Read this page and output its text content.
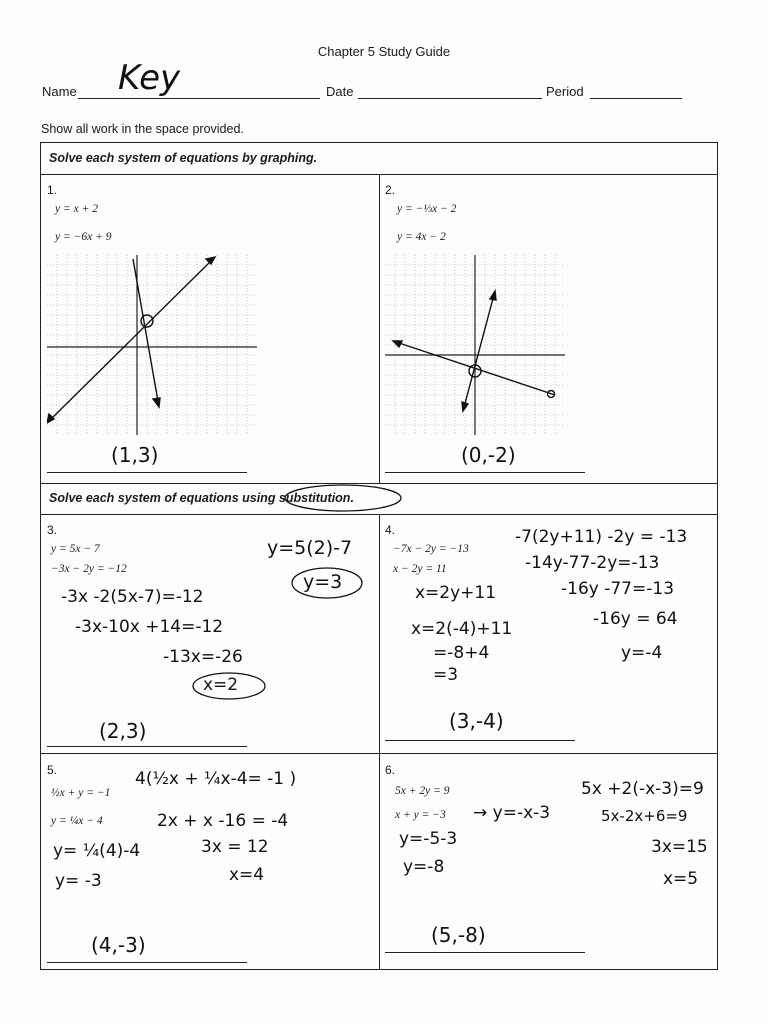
Chapter 5 Study Guide
Name Key	Date	Period
Show all work in the space provided.
Solve each system of equations by graphing.
Solve each system of equations using substitution.
1.
y = x + 2
y = −6x + 9
(1,3)
2.
y = −⅓x − 2
y = 4x − 2
(0,-2)
3.
y = 5x − 7
−3x − 2y = −12
y=5(2)-7
y=3
-3x -2(5x-7)=-12
-3x-10x +14=-12
-13x=-26
x=2
(2,3)
4.
−7x − 2y = −13
x − 2y = 11
-7(2y+11) -2y = -13
-14y-77-2y=-13
-16y -77=-13
-16y = 64
y=-4
x=2y+11
x=2(-4)+11
=-8+4
=3
(3,-4)
5.
½x + y = −1
y = ¼x − 4
4(½x + ¼x-4= -1 )
2x + x -16 = -4
3x = 12
x=4
y= ¼(4)-4
y= -3
(4,-3)
6.
5x + 2y = 9
x + y = −3 → y=-x-3
5x +2(-x-3)=9
5x-2x+6=9
3x=15
x=5
y=-5-3
y=-8
(5,-8)
